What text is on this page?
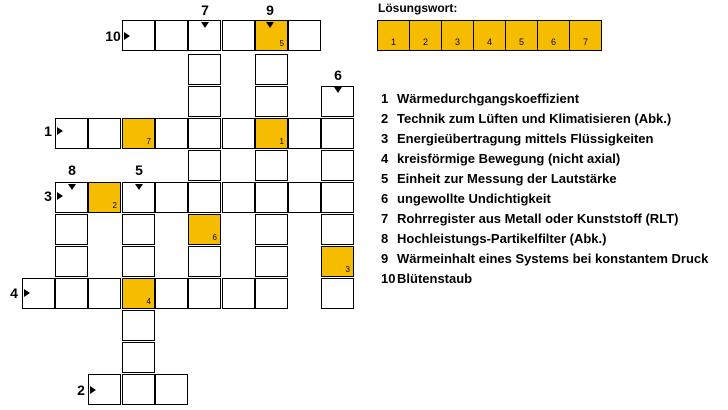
5
7	1
2
6
3
4
10
1
3
4
2
7	9
6
8	5
Lösungswort:
1	2	3	4	5	6	7
1 Wärmedurchgangskoeffizient
2 Technik zum Lüften und Klimatisieren (Abk.)
3 Energieübertragung mittels Flüssigkeiten
4 kreisförmige Bewegung (nicht axial)
5 Einheit zur Messung der Lautstärke
6 ungewollte Undichtigkeit
7 Rohrregister aus Metall oder Kunststoff (RLT)
8 Hochleistungs-Partikelfilter (Abk.)
9 Wärmeinhalt eines Systems bei konstantem Druck
10 Blütenstaub
